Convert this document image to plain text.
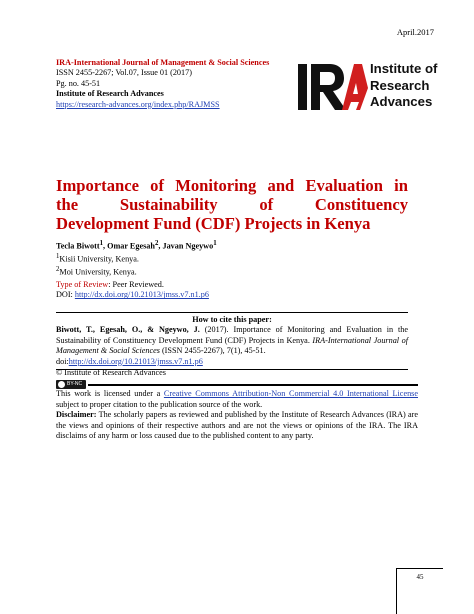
April.2017
IRA-International Journal of Management & Social Sciences
ISSN 2455-2267; Vol.07, Issue 01 (2017)
Pg. no. 45-51
Institute of Research Advances
https://research-advances.org/index.php/RAJMSS
IRA
Institute of
Research
Advances
Importance of Monitoring and Evaluation in
the	Sustainability	of	Constituency
Development Fund (CDF) Projects in Kenya
Tecla Biwott$^1$, Omar Egesah$^2$, Javan Ngeywo$^1$
$^1$Kisii University, Kenya.
$^2$Moi University, Kenya.
Type of Review: Peer Reviewed.
DOI: http://dx.doi.org/10.21013/jmss.v7.n1.p6
How to cite this paper:
Biwott, T., Egesah, O., & Ngeywo, J. (2017). Importance of Monitoring and Evaluation in the Sustainability of Constituency Development Fund (CDF) Projects in Kenya. IRA-International Journal of Management & Social Sciences (ISSN 2455-2267), 7(1), 45-51.
doi:http://dx.doi.org/10.21013/jmss.v7.n1.p6
© Institute of Research Advances
BY-NC
This work is licensed under a Creative Commons Attribution-Non Commercial 4.0 International License subject to proper citation to the publication source of the work.
Disclaimer: The scholarly papers as reviewed and published by the Institute of Research Advances (IRA) are the views and opinions of their respective authors and are not the views or opinions of the IRA. The IRA disclaims of any harm or loss caused due to the published content to any party.
45
